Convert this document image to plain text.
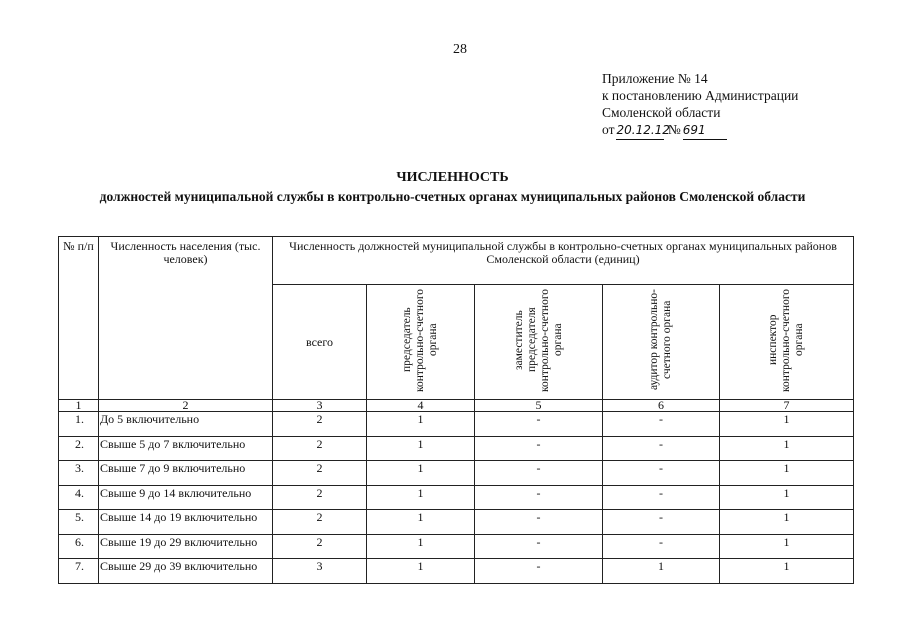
28
Приложение № 14
к постановлению Администрации
Смоленской области
от 20.12.12 № 691
ЧИСЛЕННОСТЬ
должностей муниципальной службы в контрольно-счетных органах муниципальных районов Смоленской области
№ п/п	Численность населения (тыс. человек)	Численность должностей муниципальной службы в контрольно-счетных органах муниципальных районов Смоленской области (единиц)				
		всего	председатель контрольно-счетного органа	заместитель председателя контрольно-счетного органа	аудитор контрольно-счетного органа	инспектор контрольно-счетного органа
1	2	3	4	5	6	7
1.	До 5 включительно	2	1	-	-	1
2.	Свыше 5 до 7 включительно	2	1	-	-	1
3.	Свыше 7 до 9 включительно	2	1	-	-	1
4.	Свыше 9 до 14 включительно	2	1	-	-	1
5.	Свыше 14 до 19 включительно	2	1	-	-	1
6.	Свыше 19 до 29 включительно	2	1	-	-	1
7.	Свыше 29 до 39 включительно	3	1	-	1	1
